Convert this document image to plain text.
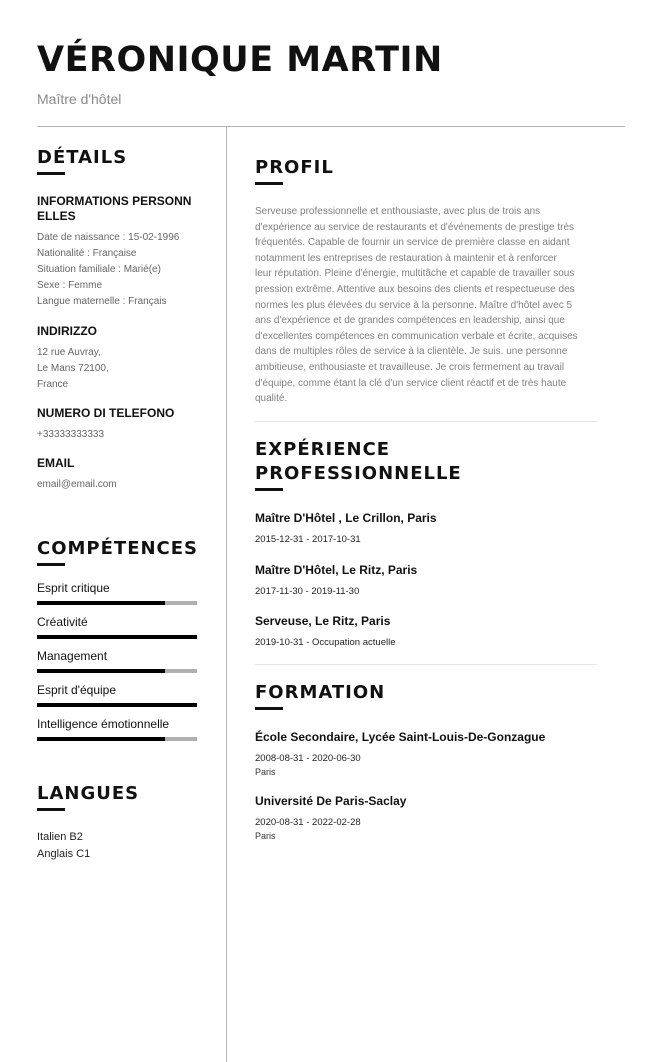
VÉRONIQUE MARTIN
Maître d'hôtel
DÉTAILS
INFORMATIONS PERSONN
ELLES
Date de naissance : 15-02-1996
Nationalité : Française
Situation familiale : Marié(e)
Sexe : Femme
Langue maternelle : Français
INDIRIZZO
12 rue Auvray,
Le Mans 72100,
France
NUMERO DI TELEFONO
+33333333333
EMAIL
email@email.com
COMPÉTENCES
Esprit critique
Créativité
Management
Esprit d'équipe
Intelligence émotionnelle
LANGUES
Italien B2
Anglais C1
PROFIL
Serveuse professionnelle et enthousiaste, avec plus de trois ans
d'expérience au service de restaurants et d'événements de prestige très
fréquentés. Capable de fournir un service de première classe en aidant
notamment les entreprises de restauration à maintenir et à renforcer
leur réputation. Pleine d'énergie, multitâche et capable de travailler sous
pression extrême. Attentive aux besoins des clients et respectueuse des
normes les plus élevées du service à la personne. Maître d'hôtel avec 5
ans d'expérience et de grandes compétences en leadership, ainsi que
d'excellentes compétences en communication verbale et écrite, acquises
dans de multiples rôles de service à la clientèle. Je suis. une personne
ambitieuse, enthousiaste et travailleuse. Je crois fermement au travail
d'équipe, comme étant la clé d'un service client réactif et de très haute
qualité.
EXPÉRIENCE PROFESSIONNELLE
Maître D'Hôtel , Le Crillon, Paris
2015-12-31 - 2017-10-31
Maître D'Hôtel, Le Ritz, Paris
2017-11-30 - 2019-11-30
Serveuse, Le Ritz, Paris
2019-10-31 - Occupation actuelle
FORMATION
École Secondaire, Lycée Saint-Louis-De-Gonzague
2008-08-31 - 2020-06-30
Paris
Université De Paris-Saclay
2020-08-31 - 2022-02-28
Paris
